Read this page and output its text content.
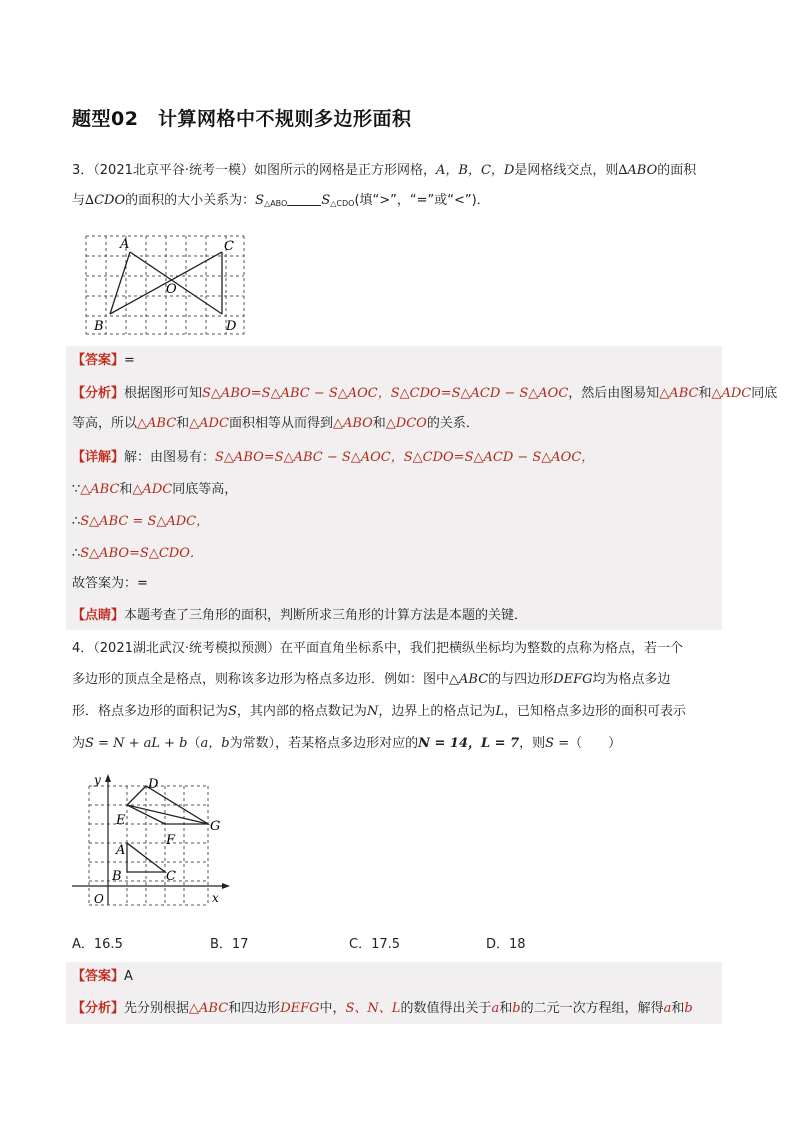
题型02　计算网格中不规则多边形面积
3．（2021北京平谷·统考一模）如图所示的网格是正方形网格，A，B，C，D是网格线交点，则∆ABO的面积
与∆CDO的面积的大小关系为：$S_{\triangle ABO}$	$S_{\triangle CDO}$(填“>”，“=”或“<”)．
A	C
O
B	D
【答案】=
【分析】根据图形可知S△ABO=S△ABC − S△AOC，S△CDO=S△ACD − S△AOC，然后由图易知△ABC和△ADC同底
等高，所以△ABC和△ADC面积相等从而得到△ABO和△DCO的关系．
【详解】解：由图易有：S△ABO=S△ABC − S△AOC，S△CDO=S△ACD − S△AOC，
∵△ABC和△ADC同底等高，
∴S△ABC = S△ADC，
∴S△ABO=S△CDO．
故答案为：=
【点睛】本题考查了三角形的面积，判断所求三角形的计算方法是本题的关键．
4．（2021湖北武汉·统考模拟预测）在平面直角坐标系中，我们把横纵坐标均为整数的点称为格点，若一个
多边形的顶点全是格点，则称该多边形为格点多边形．例如：图中△ABC的与四边形DEFG均为格点多边
形．格点多边形的面积记为S，其内部的格点数记为N，边界上的格点记为L，已知格点多边形的面积可表示
为S = N + aL + b（a，b为常数），若某格点多边形对应的N = 14，L = 7，则S =（　　）
y
x
O
D
E
F
G
A
B	C
A．16.5	B．17	C．17.5	D．18
【答案】A
【分析】先分别根据△ABC和四边形DEFG中，S、N、L的数值得出关于a和b的二元一次方程组，解得a和b
